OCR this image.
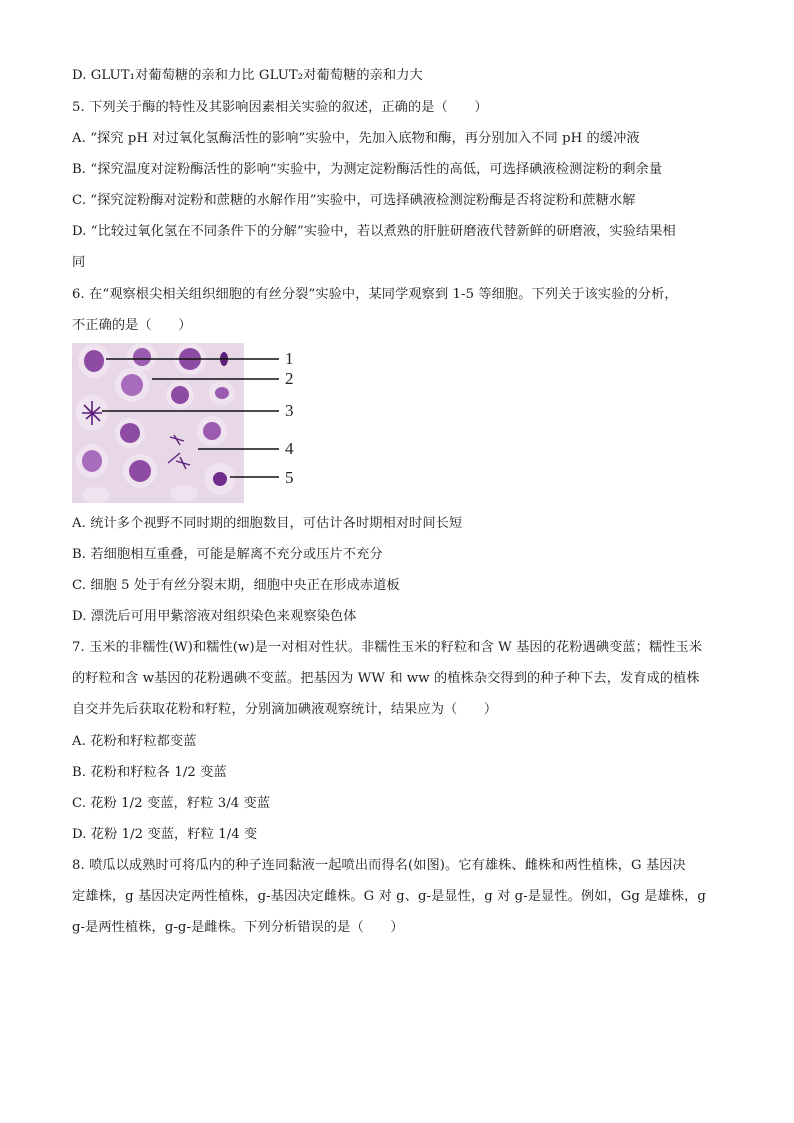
D. GLUT₁对葡萄糖的亲和力比 GLUT₂对葡萄糖的亲和力大
5. 下列关于酶的特性及其影响因素相关实验的叙述，正确的是（　　）
A. “探究 pH 对过氧化氢酶活性的影响”实验中，先加入底物和酶，再分别加入不同 pH 的缓冲液
B. “探究温度对淀粉酶活性的影响”实验中，为测定淀粉酶活性的高低，可选择碘液检测淀粉的剩余量
C. “探究淀粉酶对淀粉和蔗糖的水解作用”实验中，可选择碘液检测淀粉酶是否将淀粉和蔗糖水解
D. “比较过氧化氢在不同条件下的分解”实验中，若以煮熟的肝脏研磨液代替新鲜的研磨液，实验结果相
同
6. 在“观察根尖相关组织细胞的有丝分裂”实验中，某同学观察到 1-5 等细胞。下列关于该实验的分析，
不正确的是（　　）
1
2
3
4
5
A. 统计多个视野不同时期的细胞数目，可估计各时期相对时间长短
B. 若细胞相互重叠，可能是解离不充分或压片不充分
C. 细胞 5 处于有丝分裂末期，细胞中央正在形成赤道板
D. 漂洗后可用甲紫溶液对组织染色来观察染色体
7. 玉米的非糯性(W)和糯性(w)是一对相对性状。非糯性玉米的籽粒和含 W 基因的花粉遇碘变蓝；糯性玉米
的籽粒和含 w基因的花粉遇碘不变蓝。把基因为 WW 和 ww 的植株杂交得到的种子种下去，发育成的植株
自交并先后获取花粉和籽粒，分别滴加碘液观察统计，结果应为（　　）
A. 花粉和籽粒都变蓝
B. 花粉和籽粒各 1/2 变蓝
C. 花粉 1/2 变蓝，籽粒 3/4 变蓝
D. 花粉 1/2 变蓝，籽粒 1/4 变
8. 喷瓜以成熟时可将瓜内的种子连同黏液一起喷出而得名(如图)。它有雄株、雌株和两性植株，G 基因决
定雄株，g 基因决定两性植株，g-基因决定雌株。G 对 g、g-是显性，g 对 g-是显性。例如，Gg 是雄株，g
g-是两性植株，g-g-是雌株。下列分析错误的是（　　）
